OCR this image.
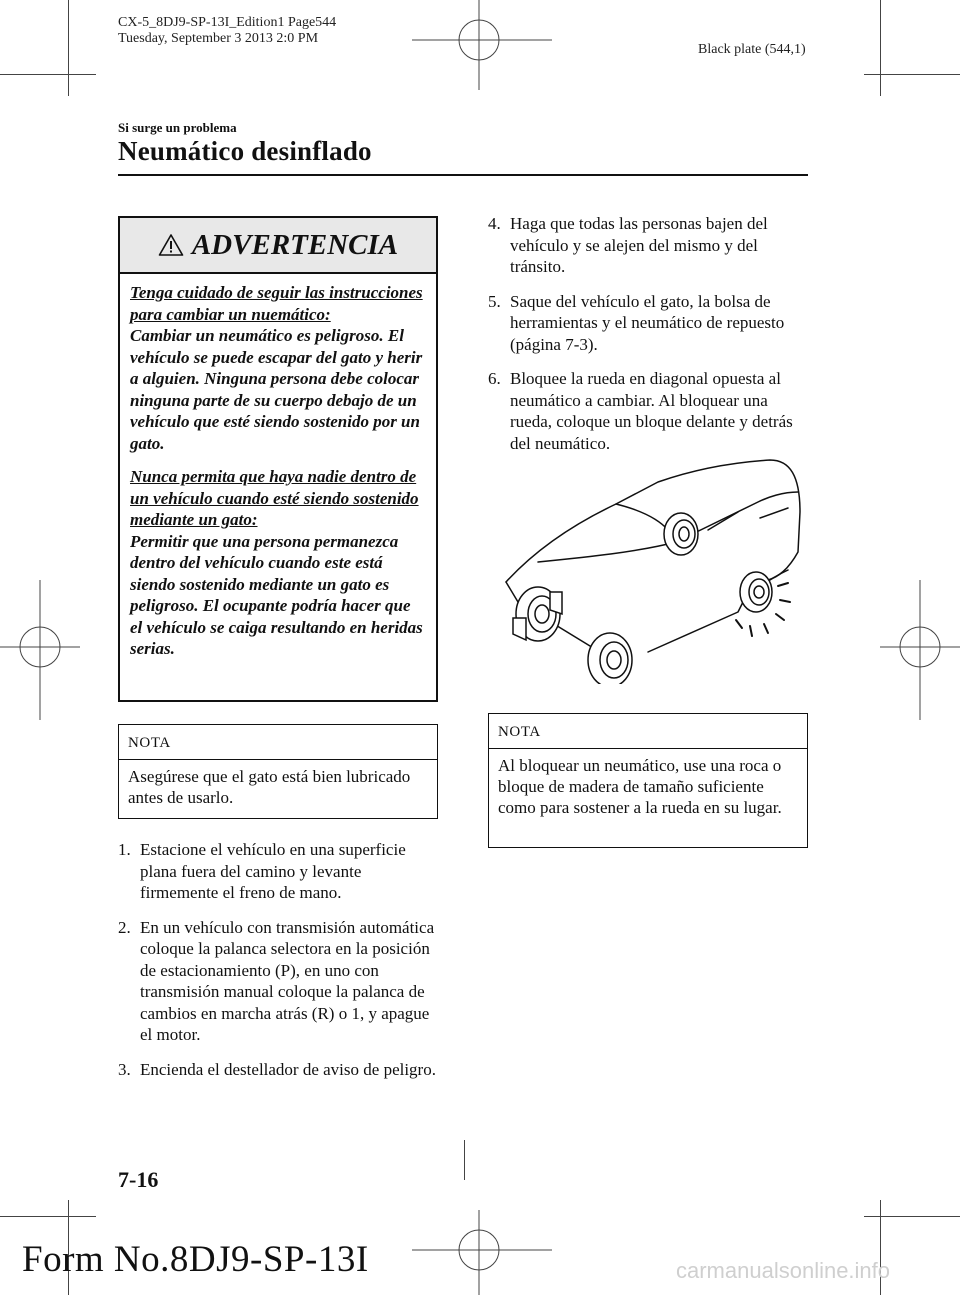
CX-5_8DJ9-SP-13I_Edition1 Page544
Tuesday, September 3 2013 2:0 PM
Black plate (544,1)
Si surge un problema
Neumático desinflado
ADVERTENCIA

Tenga cuidado de seguir las instrucciones para cambiar un nuemático:
Cambiar un neumático es peligroso. El vehículo se puede escapar del gato y herir a alguien. Ninguna persona debe colocar ninguna parte de su cuerpo debajo de un vehículo que esté siendo sostenido por un gato.

Nunca permita que haya nadie dentro de un vehículo cuando esté siendo sostenido mediante un gato:
Permitir que una persona permanezca dentro del vehículo cuando este está siendo sostenido mediante un gato es peligroso. El ocupante podría hacer que el vehículo se caiga resultando en heridas serias.

NOTA
Asegúrese que el gato está bien lubricado antes de usarlo.
1. Estacione el vehículo en una superficie plana fuera del camino y levante firmemente el freno de mano.
2. En un vehículo con transmisión automática coloque la palanca selectora en la posición de estacionamiento (P), en uno con transmisión manual coloque la palanca de cambios en marcha atrás (R) o 1, y apague el motor.
3. Encienda el destellador de aviso de peligro.
4. Haga que todas las personas bajen del vehículo y se alejen del mismo y del tránsito.
5. Saque del vehículo el gato, la bolsa de herramientas y el neumático de repuesto (página 7-3).
6. Bloquee la rueda en diagonal opuesta al neumático a cambiar. Al bloquear una rueda, coloque un bloque delante y detrás del neumático.
NOTA
Al bloquear un neumático, use una roca o bloque de madera de tamaño suficiente como para sostener a la rueda en su lugar.
7-16
Form No.8DJ9-SP-13I	carmanualsonline.info
